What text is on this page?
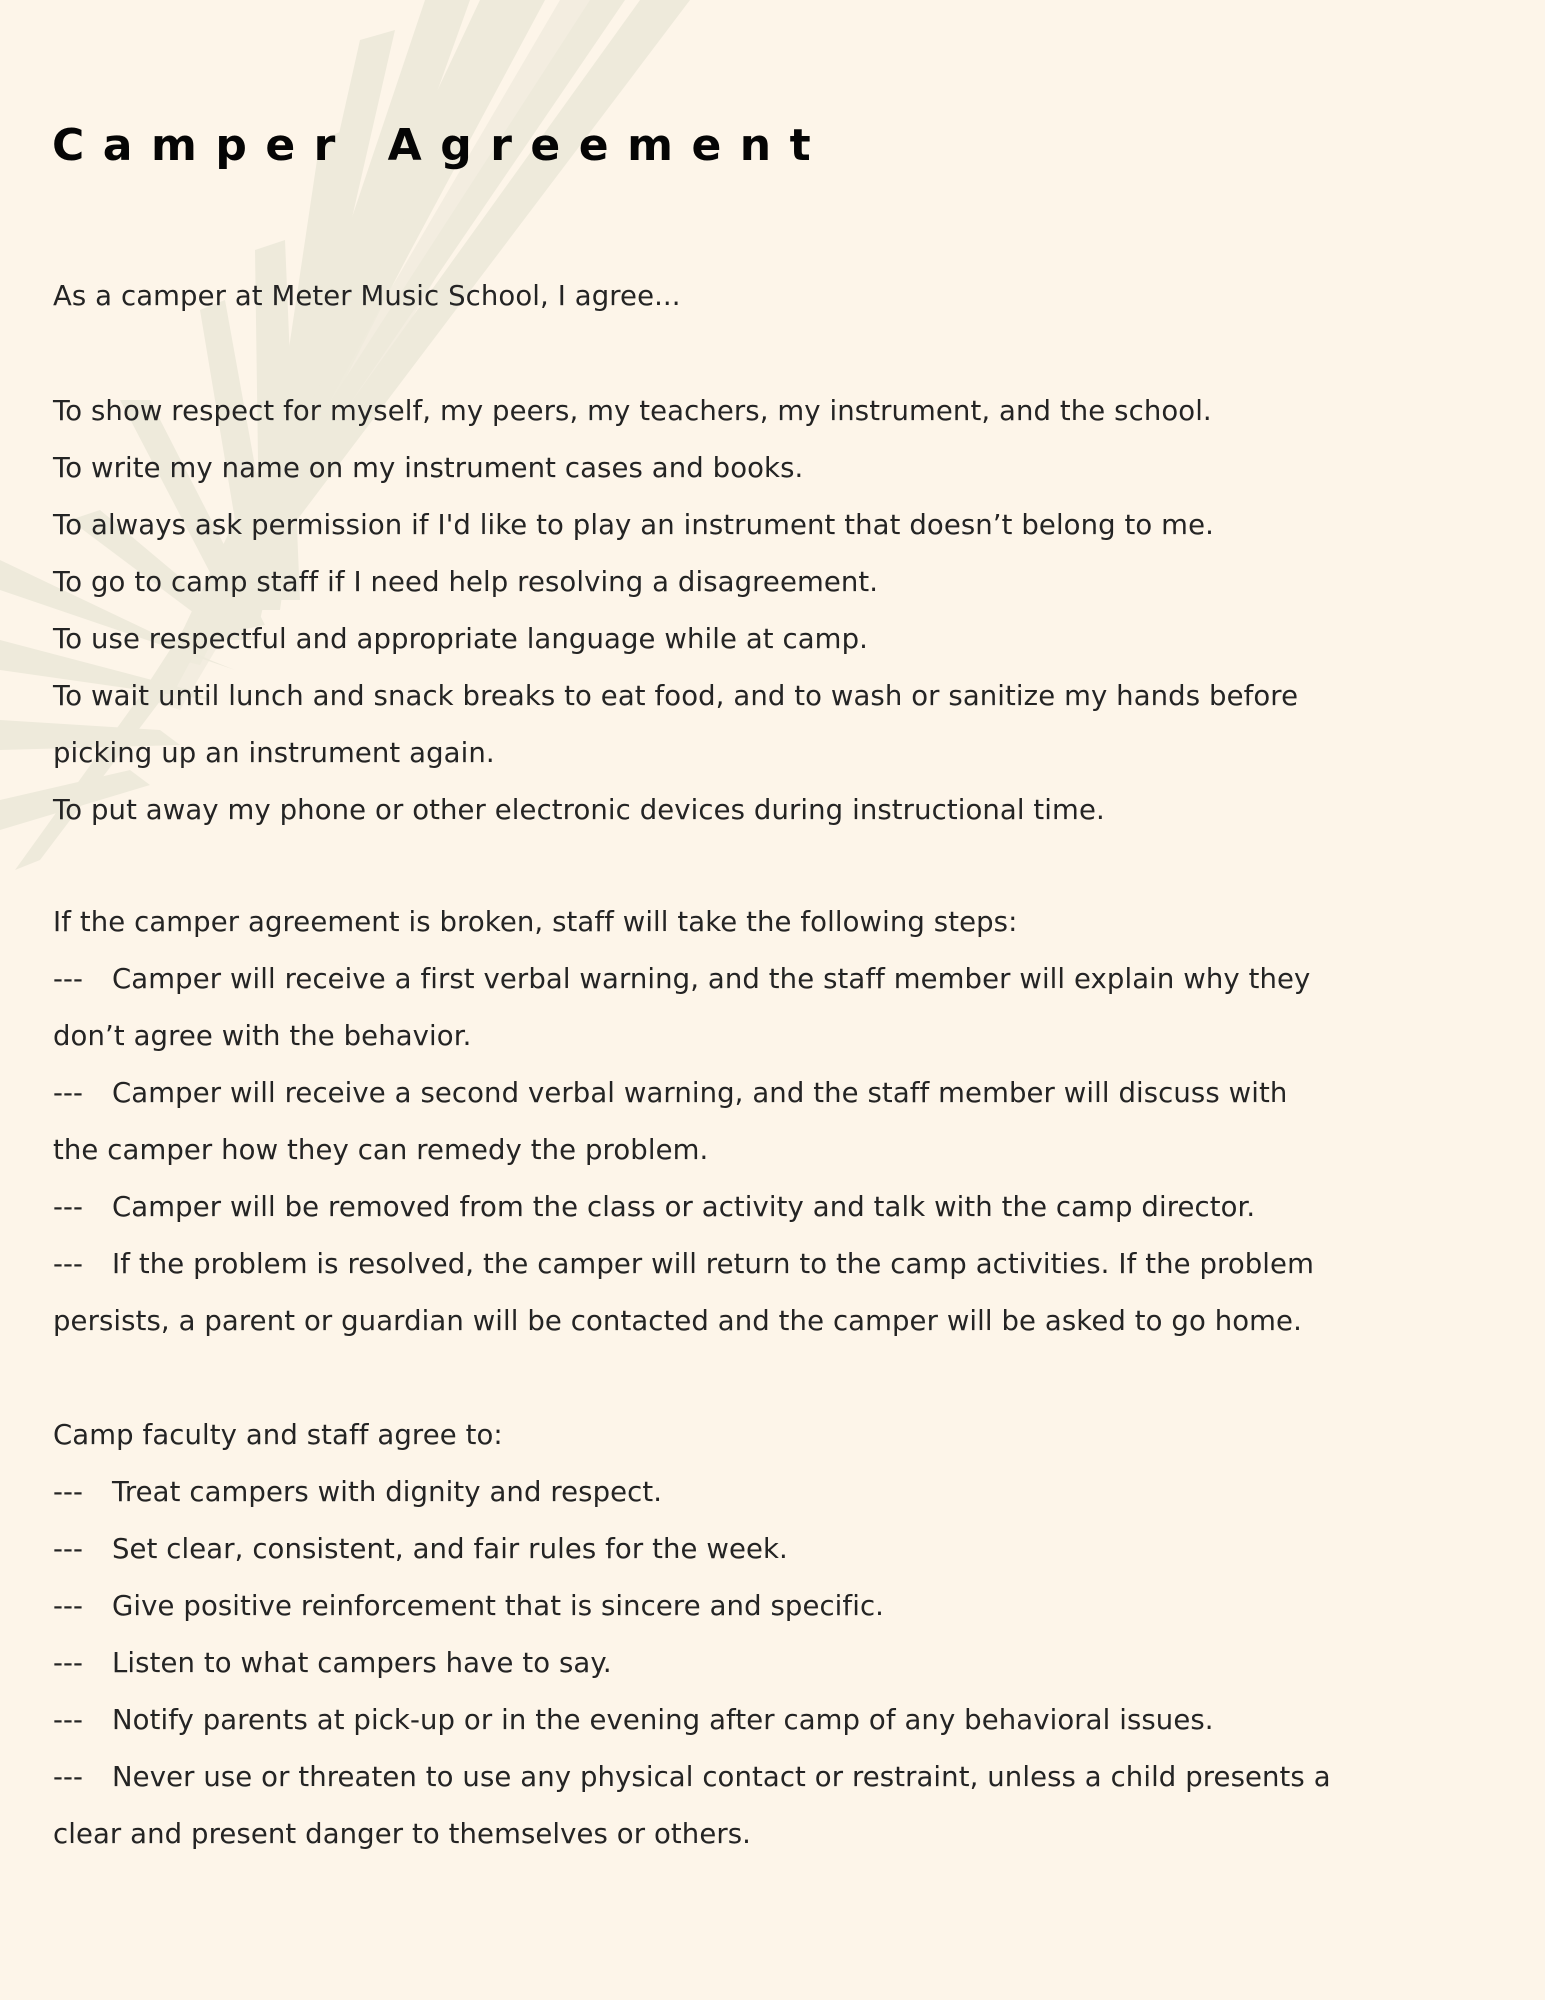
Camper Agreement

As a camper at Meter Music School, I agree...

To show respect for myself, my peers, my teachers, my instrument, and the school.

To write my name on my instrument cases and books.

To always ask permission if I'd like to play an instrument that doesn’t belong to me.

To go to camp staff if I need help resolving a disagreement.

To use respectful and appropriate language while at camp.

To wait until lunch and snack breaks to eat food, and to wash or sanitize my hands before

picking up an instrument again.

To put away my phone or other electronic devices during instructional time.

If the camper agreement is broken, staff will take the following steps:

--- Camper will receive a first verbal warning, and the staff member will explain why they

don’t agree with the behavior.

--- Camper will receive a second verbal warning, and the staff member will discuss with

the camper how they can remedy the problem.

--- Camper will be removed from the class or activity and talk with the camp director.

--- If the problem is resolved, the camper will return to the camp activities. If the problem

persists, a parent or guardian will be contacted and the camper will be asked to go home.

Camp faculty and staff agree to:

--- Treat campers with dignity and respect.

--- Set clear, consistent, and fair rules for the week.

--- Give positive reinforcement that is sincere and specific.

--- Listen to what campers have to say.

--- Notify parents at pick-up or in the evening after camp of any behavioral issues.

--- Never use or threaten to use any physical contact or restraint, unless a child presents a

clear and present danger to themselves or others.
